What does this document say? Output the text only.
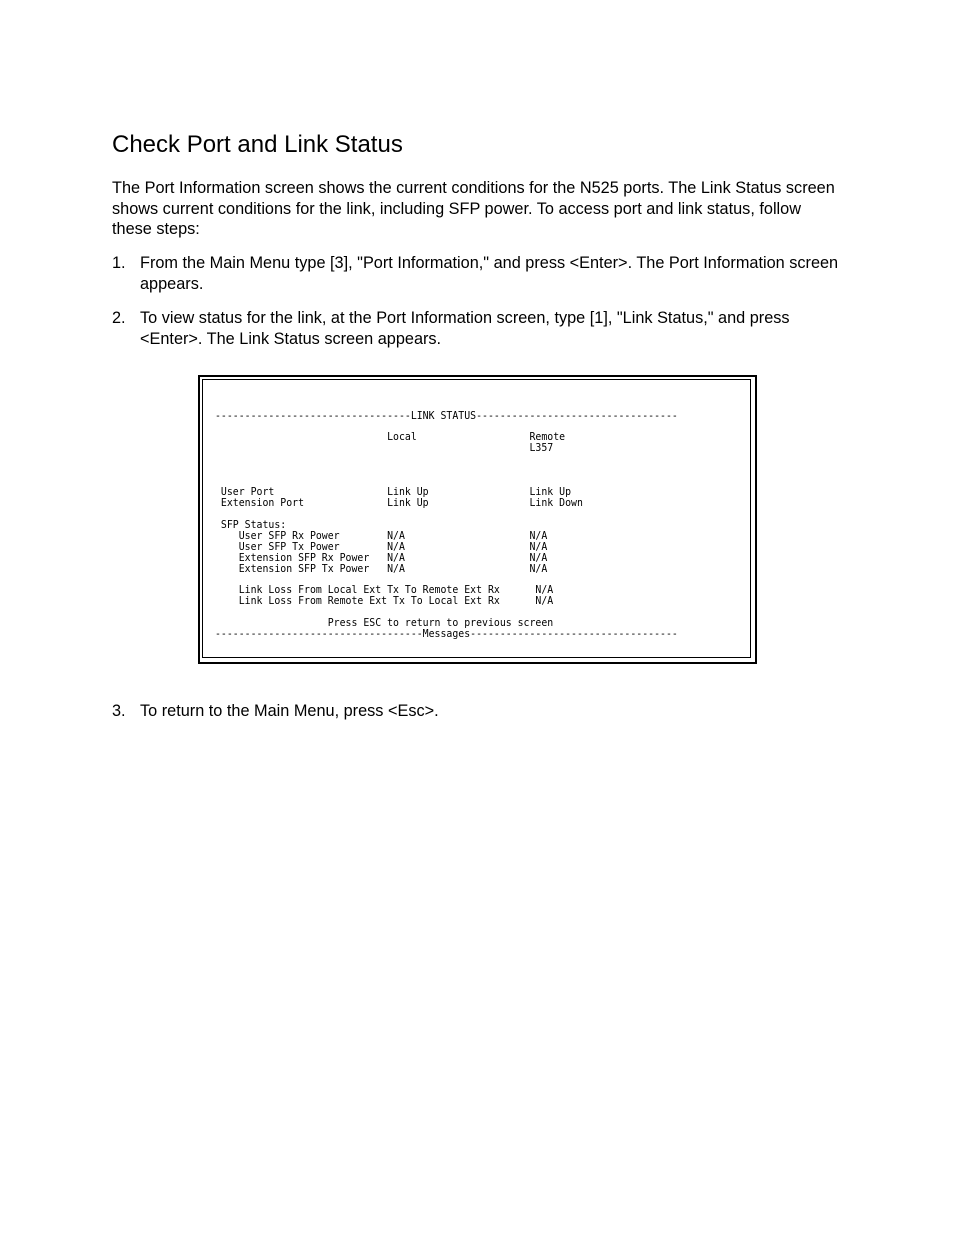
Check Port and Link Status

The Port Information screen shows the current conditions for the N525 ports. The Link Status screen shows current conditions for the link, including SFP power. To access port and link status, follow these steps:

1. From the Main Menu type [3], "Port Information," and press <Enter>. The Port Information screen appears.
2. To view status for the link, at the Port Information screen, type [1], "Link Status," and press <Enter>. The Link Status screen appears.
---------------------------------LINK STATUS----------------------------------
Local                   Remote
L357
User Port                   Link Up                 Link Up
Extension Port              Link Up                 Link Down
SFP Status:
User SFP Rx Power        N/A                     N/A
User SFP Tx Power        N/A                     N/A
Extension SFP Rx Power   N/A                     N/A
Extension SFP Tx Power   N/A                     N/A
Link Loss From Local Ext Tx To Remote Ext Rx      N/A
Link Loss From Remote Ext Tx To Local Ext Rx      N/A
Press ESC to return to previous screen
-----------------------------------Messages-----------------------------------
3. To return to the Main Menu, press <Esc>.
